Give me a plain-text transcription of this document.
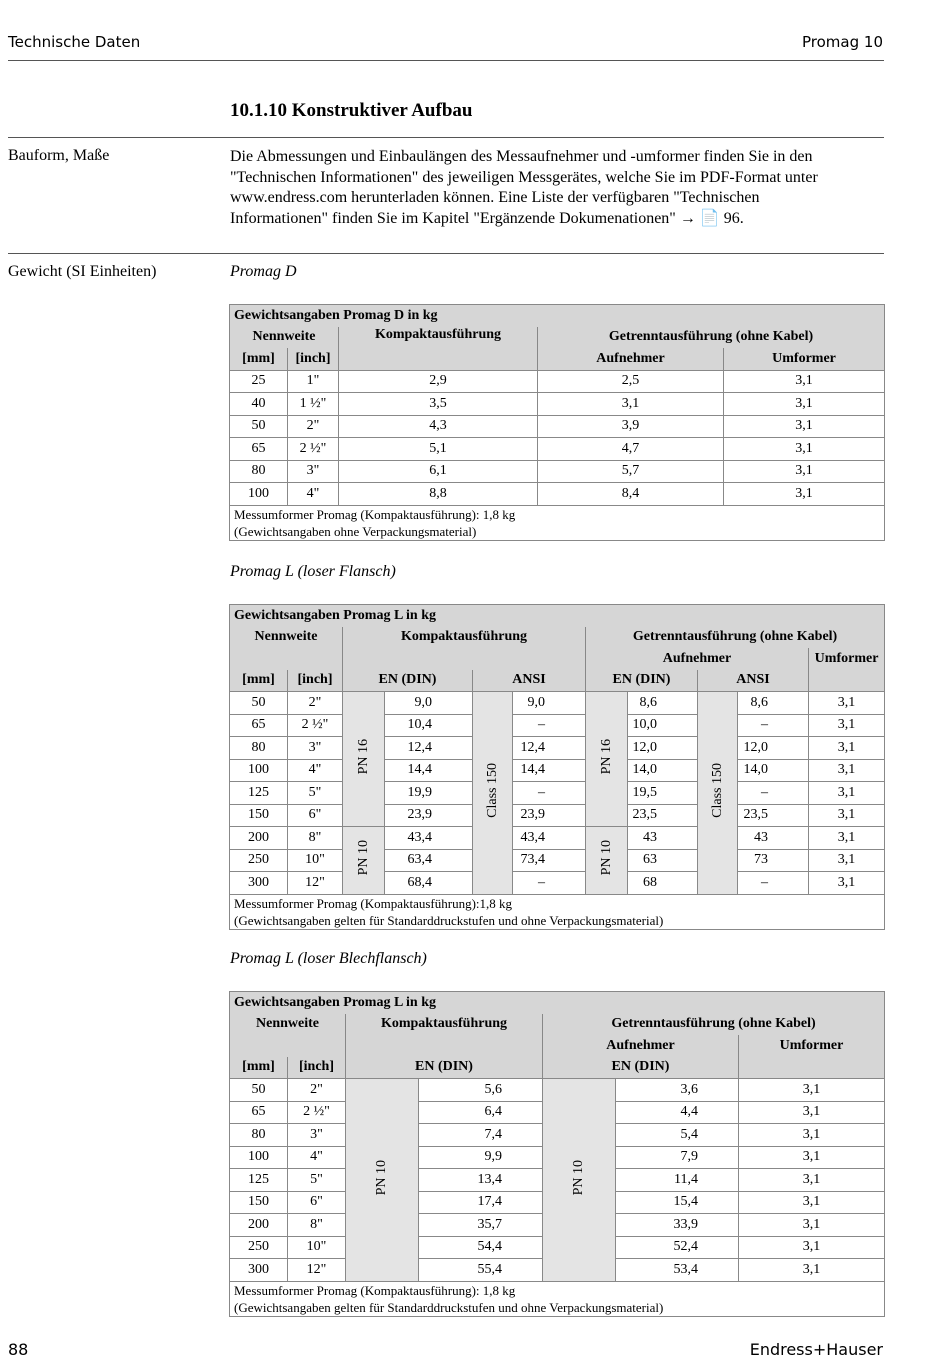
Technische Daten	Promag 10
10.1.10 Konstruktiver Aufbau
Bauform, Maße	Die Abmessungen und Einbaulängen des Messaufnehmer und -umformer finden Sie in den "Technischen Informationen" des jeweiligen Messgerätes, welche Sie im PDF-Format unter www.endress.com herunterladen können. Eine Liste der verfügbaren "Technischen Informationen" finden Sie im Kapitel "Ergänzende Dokumenationen" → 📄 96.
Gewicht (SI Einheiten)	Promag D
Gewichtsangaben Promag D in kg				
Nennweite		Kompaktausführung	Getrenntausführung (ohne Kabel)	
[mm]	[inch]		Aufnehmer	Umformer
25	1"	2,9	2,5	3,1
40	1 ½"	3,5	3,1	3,1
50	2"	4,3	3,9	3,1
65	2 ½"	5,1	4,7	3,1
80	3"	6,1	5,7	3,1
100	4"	8,8	8,4	3,1

Messumformer Promag (Kompaktausführung): 1,8 kg
(Gewichtsangaben ohne Verpackungsmaterial)				
Promag L (loser Flansch)
Gewichtsangaben Promag L in kg										
Nennweite		Kompaktausführung				Getrenntausführung (ohne Kabel)				
						Aufnehmer				Umformer
[mm]	[inch]	EN (DIN)		ANSI		EN (DIN)		ANSI		
50	2"	PN 16	9,0	Class 150	9,0	PN 16	8,6	Class 150	8,6	3,1
65	2 ½"		10,4		–		10,0		–	3,1
80	3"		12,4		12,4		12,0		12,0	3,1
100	4"		14,4		14,4		14,0		14,0	3,1
125	5"		19,9		–		19,5		–	3,1
150	6"		23,9		23,9		23,5		23,5	3,1
200	8"	PN 10	43,4		43,4	PN 10	43		43	3,1
250	10"		63,4		73,4		63		73	3,1
300	12"		68,4		–		68		–	3,1

Messumformer Promag (Kompaktausführung):1,8 kg
(Gewichtsangaben gelten für Standarddruckstufen und ohne Verpackungsmaterial)										
Promag L (loser Blechflansch)
Gewichtsangaben Promag L in kg						
Nennweite		Kompaktausführung		Getrenntausführung (ohne Kabel)		
				Aufnehmer		Umformer
[mm]	[inch]	EN (DIN)		EN (DIN)		
50	2"	PN 10	5,6	PN 10	3,6	3,1
65	2 ½"		6,4		4,4	3,1
80	3"		7,4		5,4	3,1
100	4"		9,9		7,9	3,1
125	5"		13,4		11,4	3,1
150	6"		17,4		15,4	3,1
200	8"		35,7		33,9	3,1
250	10"		54,4		52,4	3,1
300	12"		55,4		53,4	3,1

Messumformer Promag (Kompaktausführung): 1,8 kg
(Gewichtsangaben gelten für Standarddruckstufen und ohne Verpackungsmaterial)						
88	Endress+Hauser
